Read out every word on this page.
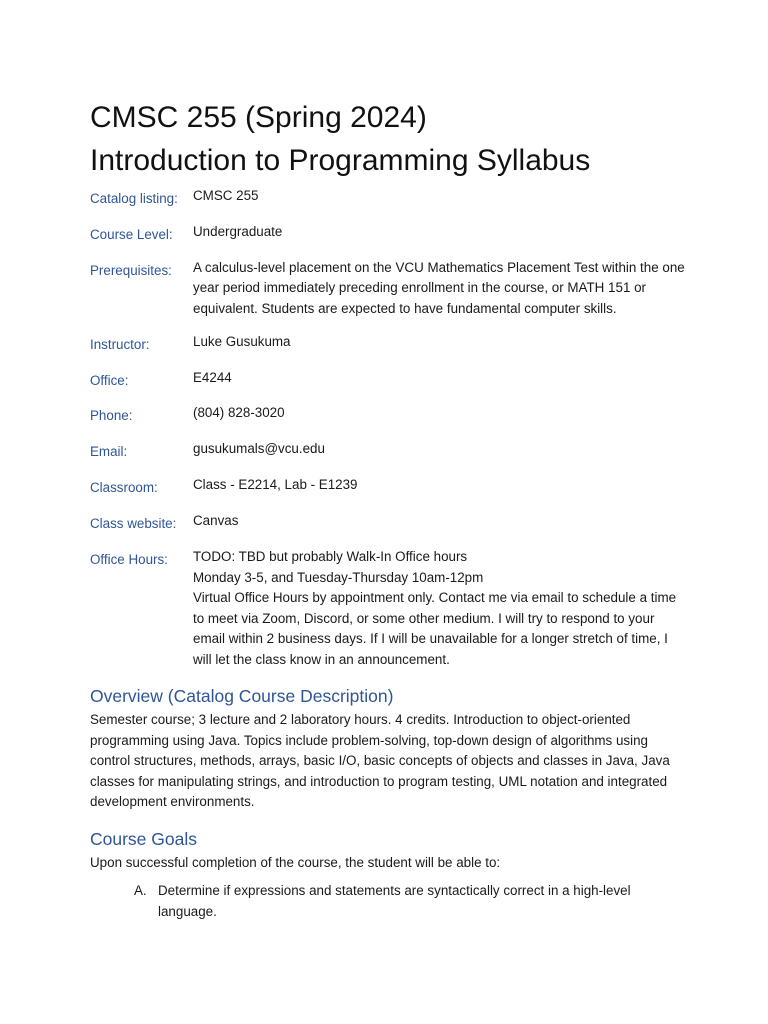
CMSC 255 (Spring 2024)
Introduction to Programming Syllabus
Catalog listing:	CMSC 255
Course Level:	Undergraduate
Prerequisites:	A calculus-level placement on the VCU Mathematics Placement Test within the one year period immediately preceding enrollment in the course, or MATH 151 or equivalent. Students are expected to have fundamental computer skills.
Instructor:	Luke Gusukuma
Office:	E4244
Phone:	(804) 828-3020
Email:	gusukumals@vcu.edu
Classroom:	Class - E2214, Lab - E1239
Class website:	Canvas
Office Hours:	TODO: TBD but probably Walk-In Office hours

Monday 3-5, and Tuesday-Thursday 10am-12pm

Virtual Office Hours by appointment only. Contact me via email to schedule a time to meet via Zoom, Discord, or some other medium. I will try to respond to your email within 2 business days. If I will be unavailable for a longer stretch of time, I will let the class know in an announcement.

Overview (Catalog Course Description)

Semester course; 3 lecture and 2 laboratory hours. 4 credits. Introduction to object-oriented programming using Java. Topics include problem-solving, top-down design of algorithms using control structures, methods, arrays, basic I/O, basic concepts of objects and classes in Java, Java classes for manipulating strings, and introduction to program testing, UML notation and integrated development environments.

Course Goals

Upon successful completion of the course, the student will be able to:

A. Determine if expressions and statements are syntactically correct in a high-level language.
